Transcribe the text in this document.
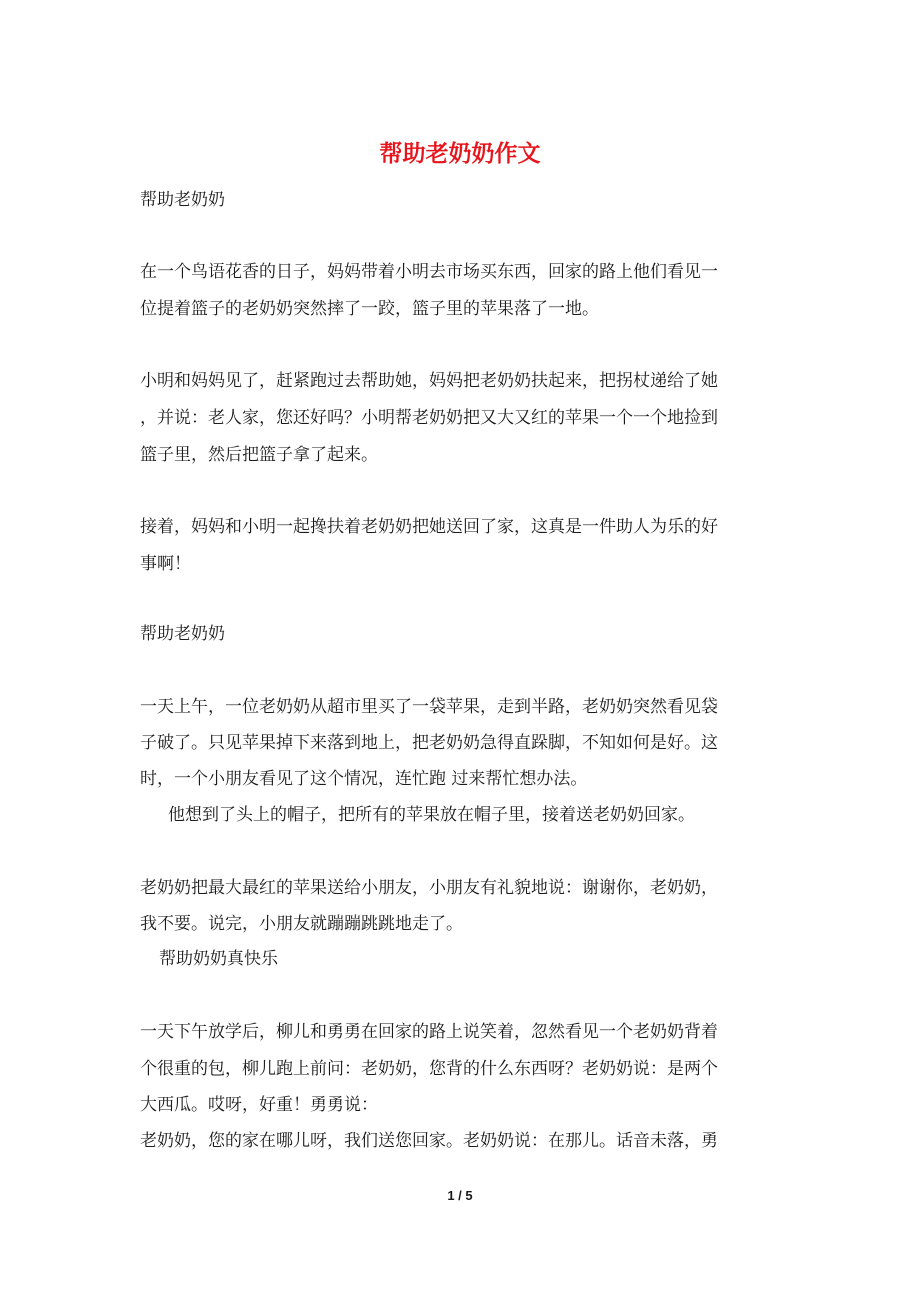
帮助老奶奶作文

帮助老奶奶

在一个鸟语花香的日子，妈妈带着小明去市场买东西，回家的路上他们看见一

位提着篮子的老奶奶突然摔了一跤，篮子里的苹果落了一地。

小明和妈妈见了，赶紧跑过去帮助她，妈妈把老奶奶扶起来，把拐杖递给了她

，并说：老人家，您还好吗？小明帮老奶奶把又大又红的苹果一个一个地捡到

篮子里，然后把篮子拿了起来。

接着，妈妈和小明一起搀扶着老奶奶把她送回了家，这真是一件助人为乐的好

事啊！

帮助老奶奶

一天上午，一位老奶奶从超市里买了一袋苹果，走到半路，老奶奶突然看见袋

子破了。只见苹果掉下来落到地上，把老奶奶急得直跺脚，不知如何是好。这

时，一个小朋友看见了这个情况，连忙跑 过来帮忙想办法。

他想到了头上的帽子，把所有的苹果放在帽子里，接着送老奶奶回家。

老奶奶把最大最红的苹果送给小朋友，小朋友有礼貌地说：谢谢你，老奶奶，

我不要。说完，小朋友就蹦蹦跳跳地走了。

帮助奶奶真快乐

一天下午放学后，柳儿和勇勇在回家的路上说笑着，忽然看见一个老奶奶背着

个很重的包，柳儿跑上前问：老奶奶，您背的什么东西呀？老奶奶说：是两个

大西瓜。哎呀，好重！勇勇说：

老奶奶，您的家在哪儿呀，我们送您回家。老奶奶说：在那儿。话音未落，勇

1 / 5
